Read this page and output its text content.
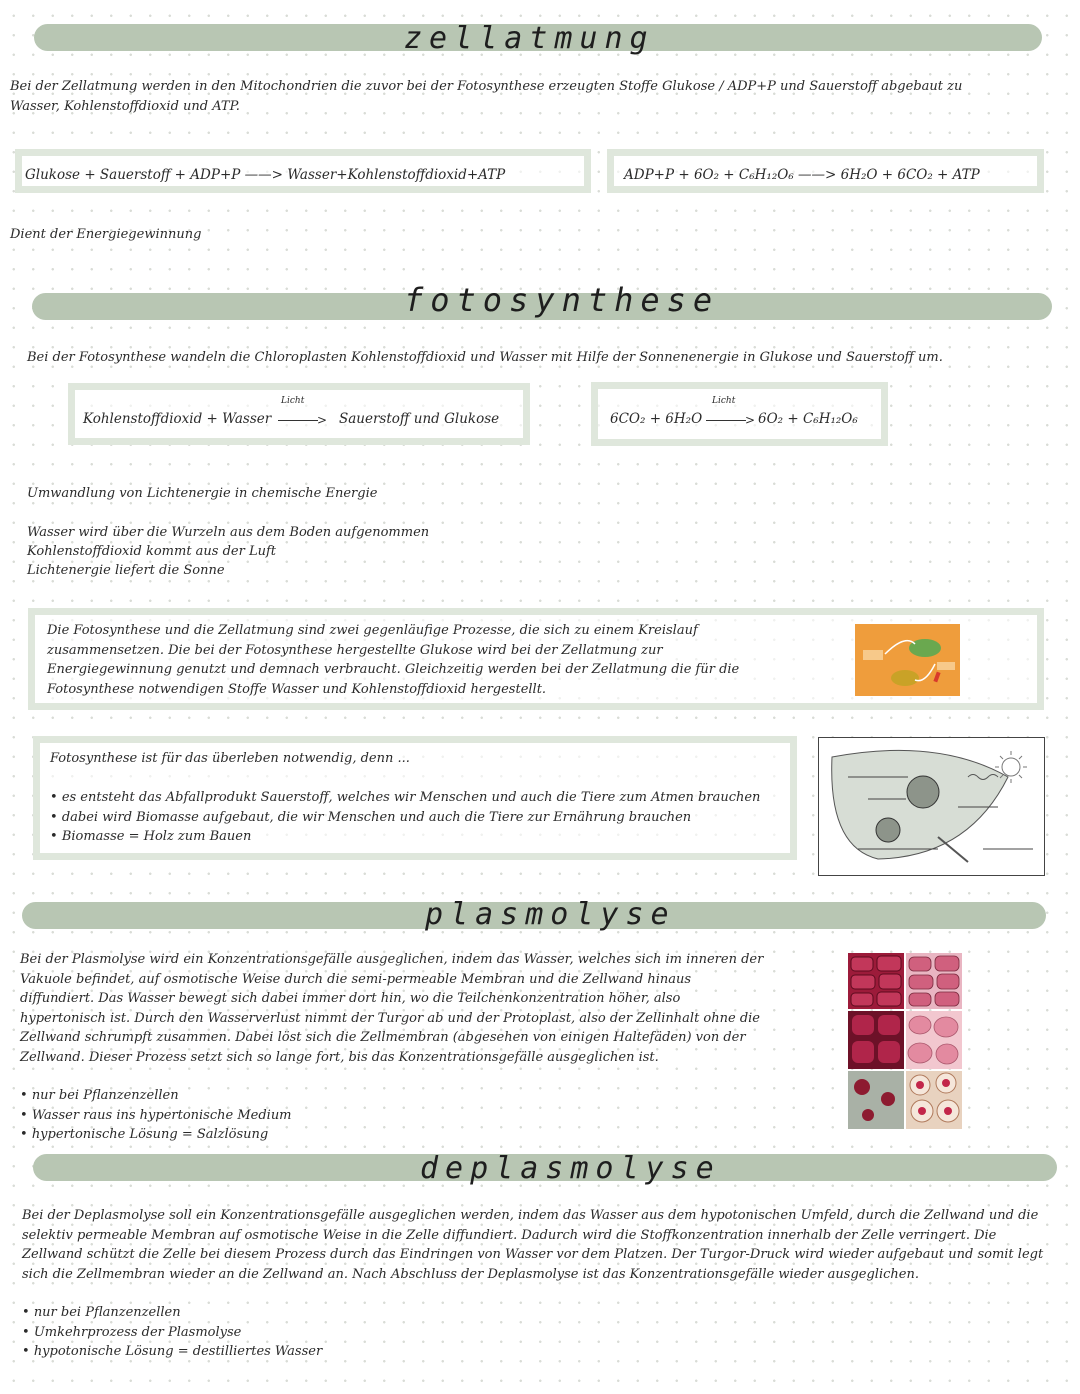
zellatmung
Bei der Zellatmung werden in den Mitochondrien die zuvor bei der Fotosynthese erzeugten Stoffe Glukose / ADP+P und Sauerstoff abgebaut zu Wasser, Kohlenstoffdioxid und ATP.
Glukose + Sauerstoff + ADP+P ——> Wasser+Kohlenstoffdioxid+ATP	ADP+P + 6O₂ + C₆H₁₂O₆ ——> 6H₂O + 6CO₂ + ATP
Dient der Energiegewinnung
fotosynthese
Bei der Fotosynthese wandeln die Chloroplasten Kohlenstoffdioxid und Wasser mit Hilfe der Sonnenenergie in Glukose und Sauerstoff um.
Licht
Kohlenstoffdioxid + Wasser	> Sauerstoff und Glukose
Licht
6CO₂ + 6H₂O	> 6O₂ + C₆H₁₂O₆
Umwandlung von Lichtenergie in chemische Energie
Wasser wird über die Wurzeln aus dem Boden aufgenommen
Kohlenstoffdioxid kommt aus der Luft
Lichtenergie liefert die Sonne
Die Fotosynthese und die Zellatmung sind zwei gegenläufige Prozesse, die sich zu einem Kreislauf zusammensetzen. Die bei der Fotosynthese hergestellte Glukose wird bei der Zellatmung zur Energiegewinnung genutzt und demnach verbraucht. Gleichzeitig werden bei der Zellatmung die für die Fotosynthese notwendigen Stoffe Wasser und Kohlenstoffdioxid hergestellt.
Fotosynthese ist für das überleben notwendig, denn ...
• es entsteht das Abfallprodukt Sauerstoff, welches wir Menschen und auch die Tiere zum Atmen brauchen
• dabei wird Biomasse aufgebaut, die wir Menschen und auch die Tiere zur Ernährung brauchen
• Biomasse = Holz zum Bauen
plasmolyse
Bei der Plasmolyse wird ein Konzentrationsgefälle ausgeglichen, indem das Wasser, welches sich im inneren der Vakuole befindet, auf osmotische Weise durch die semi-permeable Membran und die Zellwand hinaus diffundiert. Das Wasser bewegt sich dabei immer dort hin, wo die Teilchenkonzentration höher, also hypertonisch ist. Durch den Wasserverlust nimmt der Turgor ab und der Protoplast, also der Zellinhalt ohne die Zellwand schrumpft zusammen. Dabei löst sich die Zellmembran (abgesehen von einigen Haltefäden) von der Zellwand. Dieser Prozess setzt sich so lange fort, bis das Konzentrationsgefälle ausgeglichen ist.
• nur bei Pflanzenzellen
• Wasser raus ins hypertonische Medium
• hypertonische Lösung = Salzlösung
deplasmolyse
Bei der Deplasmolyse soll ein Konzentrationsgefälle ausgeglichen werden, indem das Wasser aus dem hypotonischen Umfeld, durch die Zellwand und die selektiv permeable Membran auf osmotische Weise in die Zelle diffundiert. Dadurch wird die Stoffkonzentration innerhalb der Zelle verringert. Die Zellwand schützt die Zelle bei diesem Prozess durch das Eindringen von Wasser vor dem Platzen. Der Turgor-Druck wird wieder aufgebaut und somit legt sich die Zellmembran wieder an die Zellwand an. Nach Abschluss der Deplasmolyse ist das Konzentrationsgefälle wieder ausgeglichen.
• nur bei Pflanzenzellen
• Umkehrprozess der Plasmolyse
• hypotonische Lösung = destilliertes Wasser
